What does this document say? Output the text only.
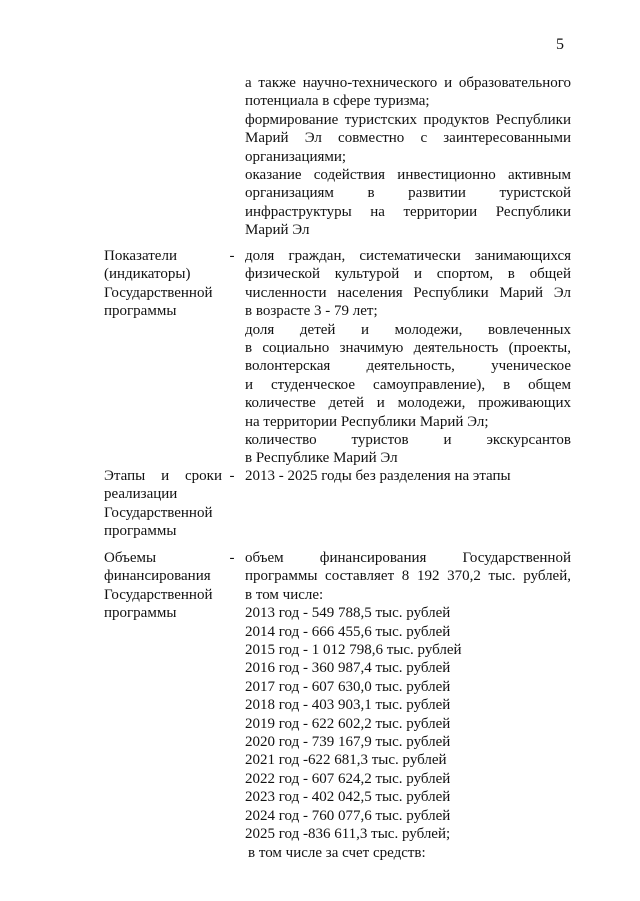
5

а также научно-технического и образовательного

потенциала в сфере туризма;

формирование туристских продуктов Республики

Марий Эл совместно с заинтересованными

организациями;

оказание содействия инвестиционно активным

организациям в развитии туристской

инфраструктуры на территории Республики

Марий Эл

Показатели

(индикаторы)

Государственной

программы

- доля граждан, систематически занимающихся

физической культурой и спортом, в общей

численности населения Республики Марий Эл

в возрасте 3 - 79 лет;

доля детей и молодежи, вовлеченных

в социально значимую деятельность (проекты,

волонтерская деятельность, ученическое

и студенческое самоуправление), в общем

количестве детей и молодежи, проживающих

на территории Республики Марий Эл;

количество туристов и экскурсантов

в Республике Марий Эл

Этапы и сроки

реализации

Государственной

программы

- 2013 - 2025 годы без разделения на этапы

Объемы

финансирования

Государственной

программы

- объем финансирования Государственной

программы составляет 8 192 370,2 тыс. рублей,

в том числе:

2013 год - 549 788,5 тыс. рублей

2014 год - 666 455,6 тыс. рублей

2015 год - 1 012 798,6 тыс. рублей

2016 год - 360 987,4 тыс. рублей

2017 год - 607 630,0 тыс. рублей

2018 год - 403 903,1 тыс. рублей

2019 год - 622 602,2 тыс. рублей

2020 год - 739 167,9 тыс. рублей

2021 год -622 681,3 тыс. рублей

2022 год - 607 624,2 тыс. рублей

2023 год - 402 042,5 тыс. рублей

2024 год - 760 077,6 тыс. рублей

2025 год -836 611,3 тыс. рублей;

в том числе за счет средств:
